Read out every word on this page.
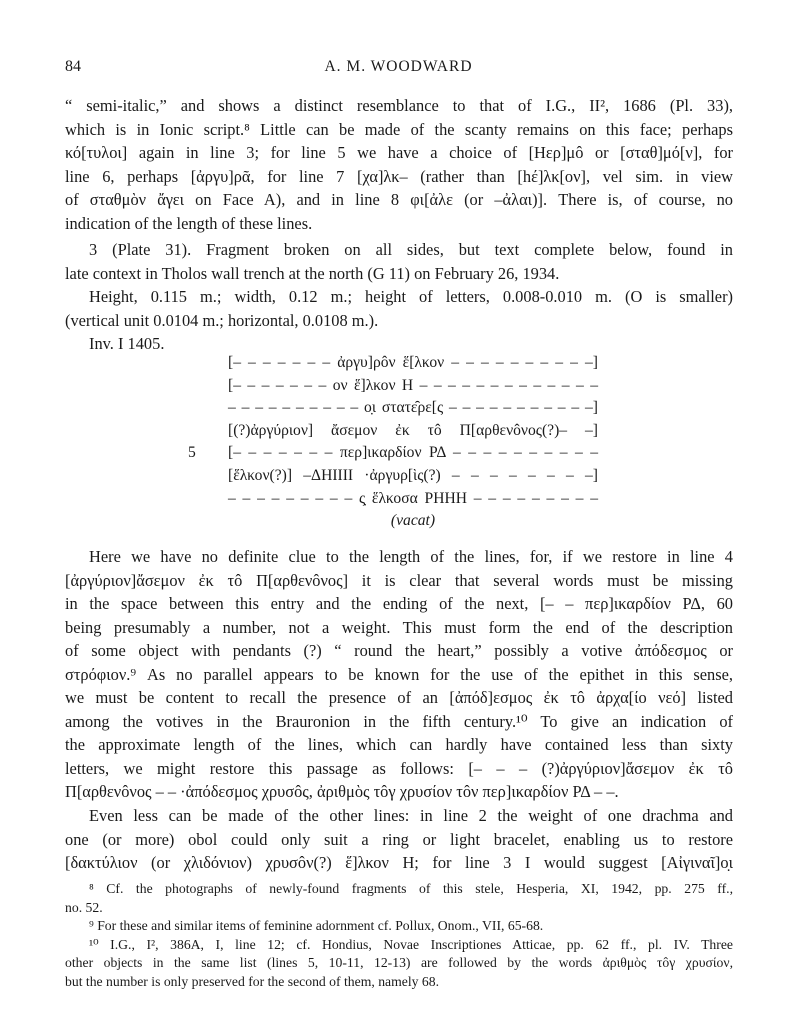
84	A. M. WOODWARD
“ semi-italic,” and shows a distinct resemblance to that of I.G., II², 1686 (Pl. 33),
which is in Ionic script.⁸ Little can be made of the scanty remains on this face; perhaps
κό[τυλοι] again in line 3; for line 5 we have a choice of [Ηερ]μô or [σταθ]μό[ν], for
line 6, perhaps [ἀργυ]ρᾶ, for line 7 [χα]λκ– (rather than [hέ]λκ[ον], vel sim. in view
of σταθμὸν ἄγει on Face A), and in line 8 φι[ἀλε (or –ἀλαι)]. There is, of course, no
indication of the length of these lines.
3 (Plate 31). Fragment broken on all sides, but text complete below, found in
late context in Tholos wall trench at the north (G 11) on February 26, 1934.
Height, 0.115 m.; width, 0.12 m.; height of letters, 0.008-0.010 m. (O is smaller)
(vertical unit 0.0104 m.; horizontal, 0.0108 m.).
Inv. I 1405.
[– – – – – – – ἀργυ]ρôν ἕ[λκον – – – – – – – – – –]
[– – – – – – – ον ἕ]λκον Η – – – – – – – – – – – – –
– – – – – – – – – – ο̣ι στατε̑ρε[ς – – – – – – – – – – –]
[(?)ἀργύριον] ἄσεμον ἐκ τô Π[αρθενôνος(?)– –]
5 [– – – – – – – περ]ικαρδίον ΡΔ – – – – – – – – – –
[ἕλκον(?)] –ΔΗΙΙΙΙ ·ἀργυρ[ὶς(?) – – – – – – – –]
– – – – – – – – – ς̣ ἕλκοσα ΡΗΗΗ – – – – – – – – –
(vacat)
Here we have no definite clue to the length of the lines, for, if we restore in line 4
[ἀργύριον]ἄσεμον ἐκ τô Π[αρθενôνος] it is clear that several words must be missing
in the space between this entry and the ending of the next, [– – περ]ικαρδίον ΡΔ, 60
being presumably a number, not a weight. This must form the end of the description
of some object with pendants (?) “ round the heart,” possibly a votive ἀπόδεσμος or
στρόφιον.⁹ As no parallel appears to be known for the use of the epithet in this sense,
we must be content to recall the presence of an [ἀπόδ]εσμος ἐκ τô ἀρχα[ίο νεό] listed
among the votives in the Brauronion in the fifth century.¹⁰ To give an indication of
the approximate length of the lines, which can hardly have contained less than sixty
letters, we might restore this passage as follows: [– – – (?)ἀργύριον]ἄσεμον ἐκ τô
Π[αρθενôνος – – ·ἀπόδεσμος χρυσôς, ἀριθμὸς τôγ χρυσίον τôν περ]ικαρδίον ΡΔ – –.
Even less can be made of the other lines: in line 2 the weight of one drachma and
one (or more) obol could only suit a ring or light bracelet, enabling us to restore
[δακτύλιον (or χλιδόνιον) χρυσôν(?) ἕ]λκον Η; for line 3 I would suggest [Αἰγιναῖ]ο̣ι
⁸ Cf. the photographs of newly-found fragments of this stele, Hesperia, XI, 1942, pp. 275 ff.,
no. 52.
⁹ For these and similar items of feminine adornment cf. Pollux, Onom., VII, 65-68.
¹⁰ I.G., I², 386A, I, line 12; cf. Hondius, Novae Inscriptiones Atticae, pp. 62 ff., pl. IV. Three
other objects in the same list (lines 5, 10-11, 12-13) are followed by the words ἀριθμὸς τôγ χρυσίον,
but the number is only preserved for the second of them, namely 68.
